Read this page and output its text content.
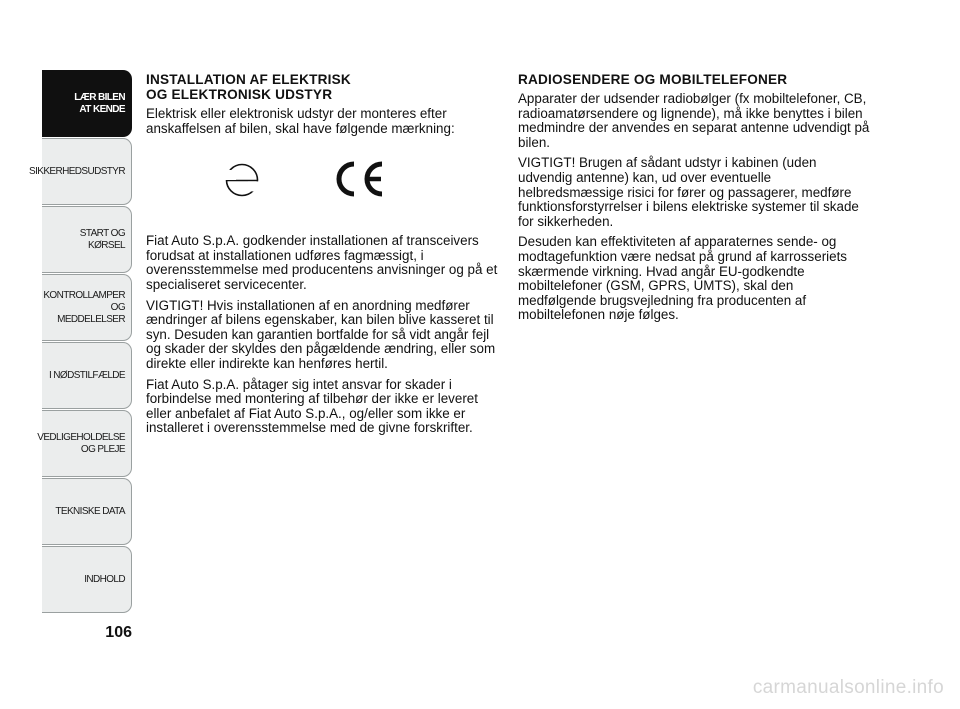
LÆR BILEN
AT KENDE
SIKKERHEDSUDSTYR
START OG KØRSEL
KONTROLLAMPER
OG MEDDELELSER
I NØDSTILFÆLDE
VEDLIGEHOLDELSE
OG PLEJE
TEKNISKE DATA
INDHOLD
106
INSTALLATION AF ELEKTRISK
OG ELEKTRONISK UDSTYR

Elektrisk eller elektronisk udstyr der monteres efter anskaffelsen af bilen, skal have følgende mærkning:

Fiat Auto S.p.A. godkender installationen af transceivers forudsat at installationen udføres fagmæssigt, i overensstemmelse med producentens anvisninger og på et specialiseret servicecenter.

VIGTIGT! Hvis installationen af en anordning medfører ændringer af bilens egenskaber, kan bilen blive kasseret til syn. Desuden kan garantien bortfalde for så vidt angår fejl og skader der skyldes den pågældende ændring, eller som direkte eller indirekte kan henføres hertil.

Fiat Auto S.p.A. påtager sig intet ansvar for skader i forbindelse med montering af tilbehør der ikke er leveret eller anbefalet af Fiat Auto S.p.A., og/eller som ikke er installeret i overensstemmelse med de givne forskrifter.

RADIOSENDERE OG MOBILTELEFONER

Apparater der udsender radiobølger (fx mobiltelefoner, CB, radioamatørsendere og lignende), må ikke benyttes i bilen medmindre der anvendes en separat antenne udvendigt på bilen.

VIGTIGT! Brugen af sådant udstyr i kabinen (uden udvendig antenne) kan, ud over eventuelle helbredsmæssige risici for fører og passagerer, medføre funktionsforstyrrelser i bilens elektriske systemer til skade for sikkerheden.

Desuden kan effektiviteten af apparaternes sende- og modtagefunktion være nedsat på grund af karrosseriets skærmende virkning. Hvad angår EU-godkendte mobiltelefoner (GSM, GPRS, UMTS), skal den medfølgende brugsvejledning fra producenten af mobiltelefonen nøje følges.

carmanualsonline.info
